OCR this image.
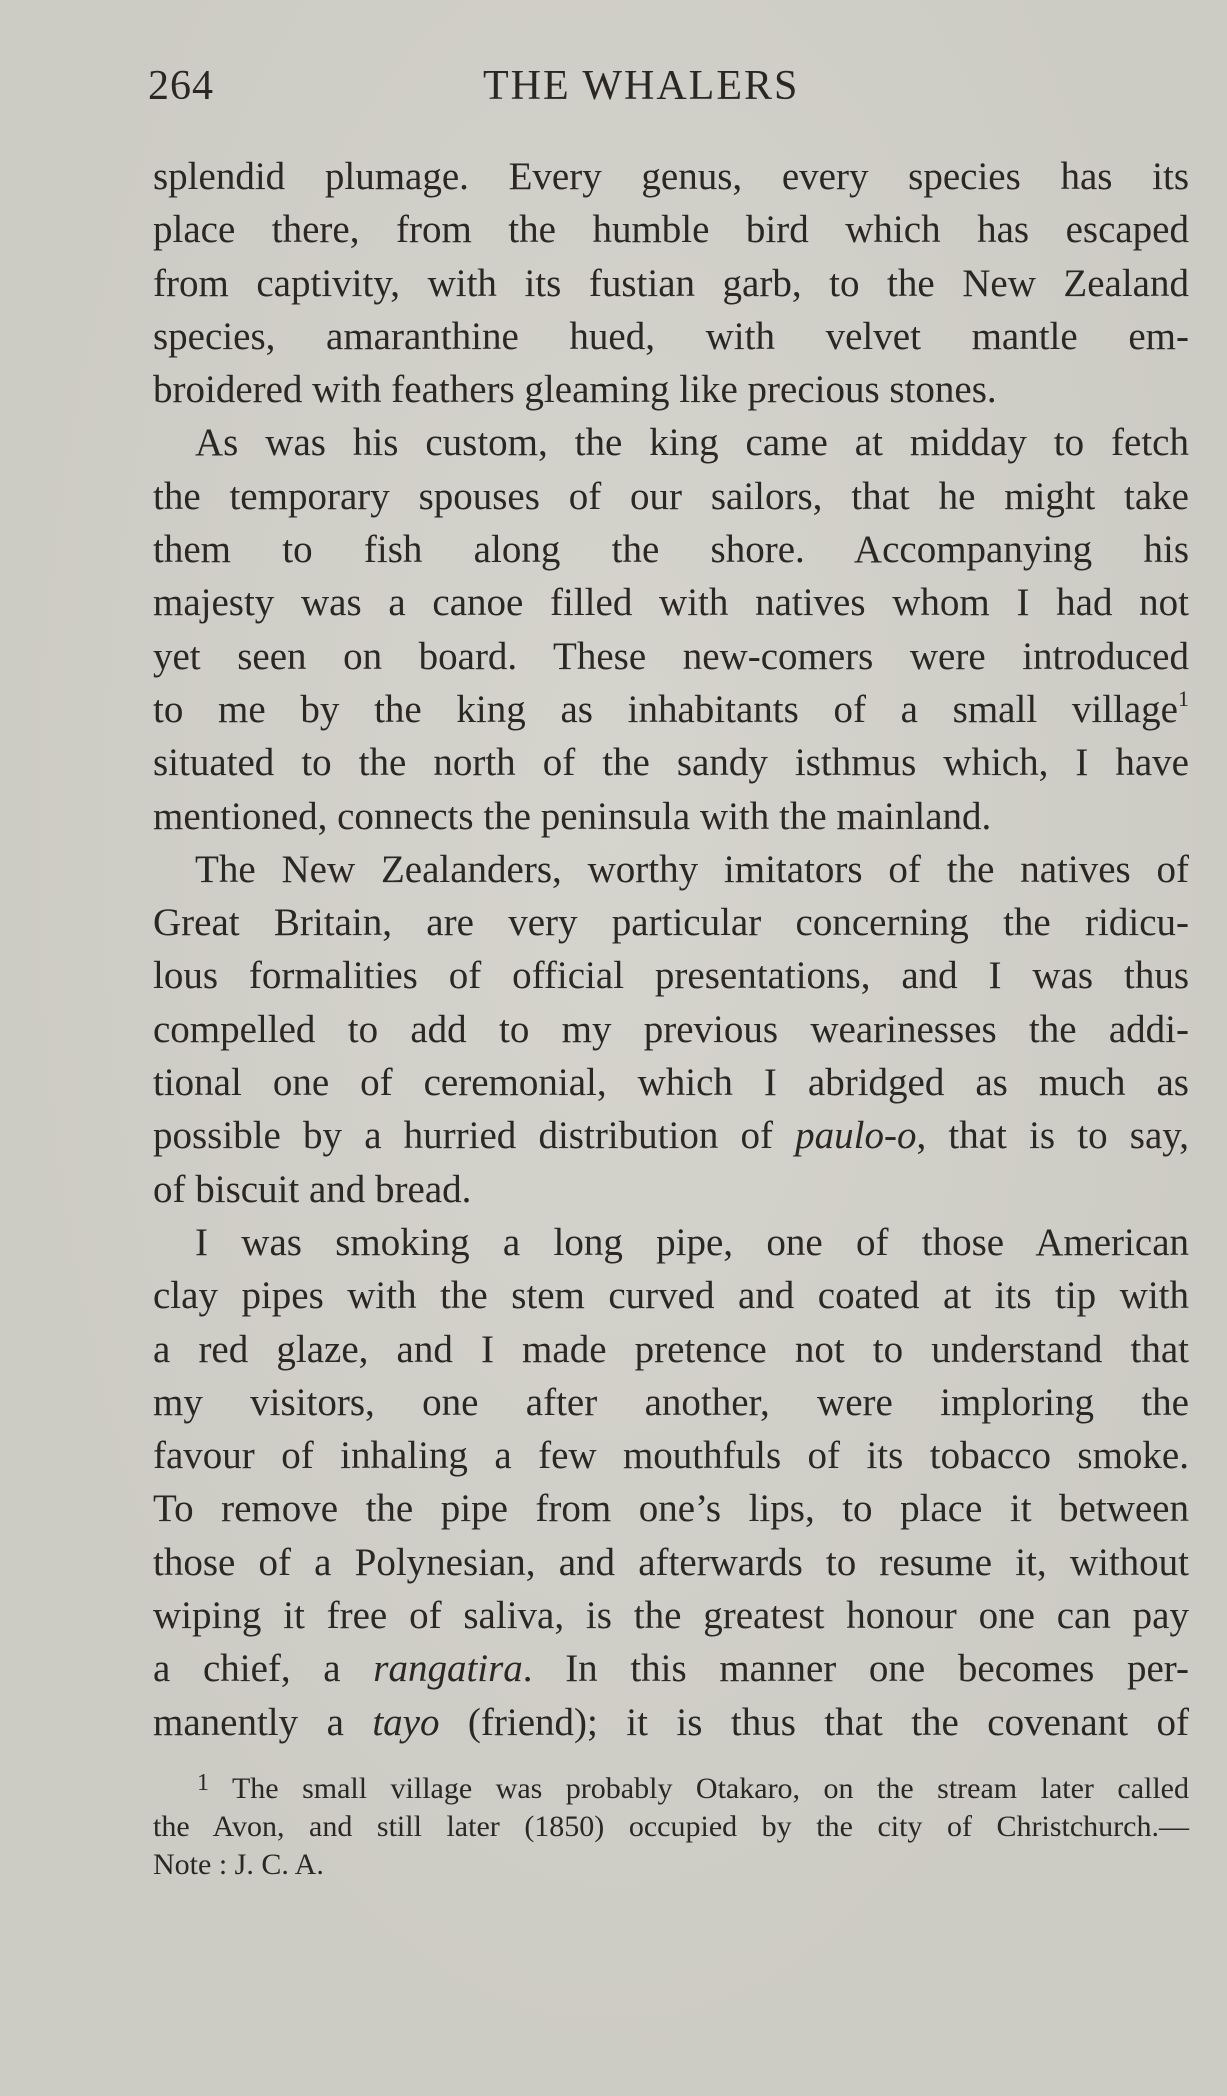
264	THE WHALERS
splendid plumage. Every genus, every species has its
place there, from the humble bird which has escaped
from captivity, with its fustian garb, to the New Zealand
species, amaranthine hued, with velvet mantle em-
broidered with feathers gleaming like precious stones.
As was his custom, the king came at midday to fetch
the temporary spouses of our sailors, that he might take
them to fish along the shore. Accompanying his
majesty was a canoe filled with natives whom I had not
yet seen on board. These new-comers were introduced
to me by the king as inhabitants of a small village$^1$
situated to the north of the sandy isthmus which, I have
mentioned, connects the peninsula with the mainland.
The New Zealanders, worthy imitators of the natives of
Great Britain, are very particular concerning the ridicu-
lous formalities of official presentations, and I was thus
compelled to add to my previous wearinesses the addi-
tional one of ceremonial, which I abridged as much as
possible by a hurried distribution of paulo-o, that is to say,
of biscuit and bread.
I was smoking a long pipe, one of those American
clay pipes with the stem curved and coated at its tip with
a red glaze, and I made pretence not to understand that
my visitors, one after another, were imploring the
favour of inhaling a few mouthfuls of its tobacco smoke.
To remove the pipe from one’s lips, to place it between
those of a Polynesian, and afterwards to resume it, without
wiping it free of saliva, is the greatest honour one can pay
a chief, a rangatira. In this manner one becomes per-
manently a tayo (friend); it is thus that the covenant of
$^1$ The small village was probably Otakaro, on the stream later called
the Avon, and still later (1850) occupied by the city of Christchurch.—
Note : J. C. A.
